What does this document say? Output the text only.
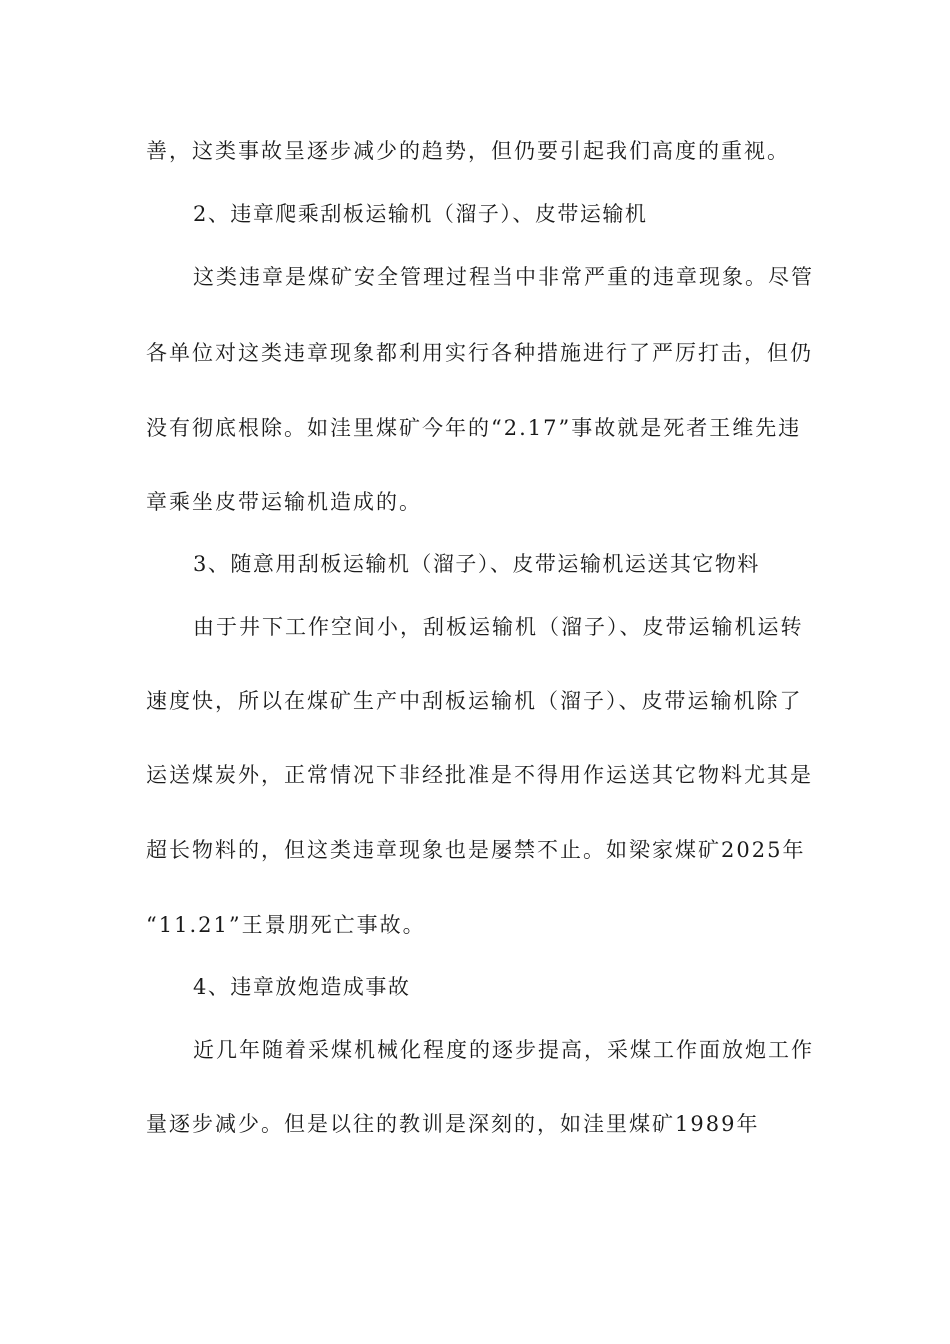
善，这类事故呈逐步减少的趋势，但仍要引起我们高度的重视。
2、违章爬乘刮板运输机（溜子）、皮带运输机
这类违章是煤矿安全管理过程当中非常严重的违章现象。尽管
各单位对这类违章现象都利用实行各种措施进行了严厉打击，但仍
没有彻底根除。如洼里煤矿今年的“2.17”事故就是死者王维先违
章乘坐皮带运输机造成的。
3、随意用刮板运输机（溜子）、皮带运输机运送其它物料
由于井下工作空间小，刮板运输机（溜子）、皮带运输机运转
速度快，所以在煤矿生产中刮板运输机（溜子）、皮带运输机除了
运送煤炭外，正常情况下非经批准是不得用作运送其它物料尤其是
超长物料的，但这类违章现象也是屡禁不止。如梁家煤矿2025年
“11.21”王景朋死亡事故。
4、违章放炮造成事故
近几年随着采煤机械化程度的逐步提高，采煤工作面放炮工作
量逐步减少。但是以往的教训是深刻的，如洼里煤矿1989年
